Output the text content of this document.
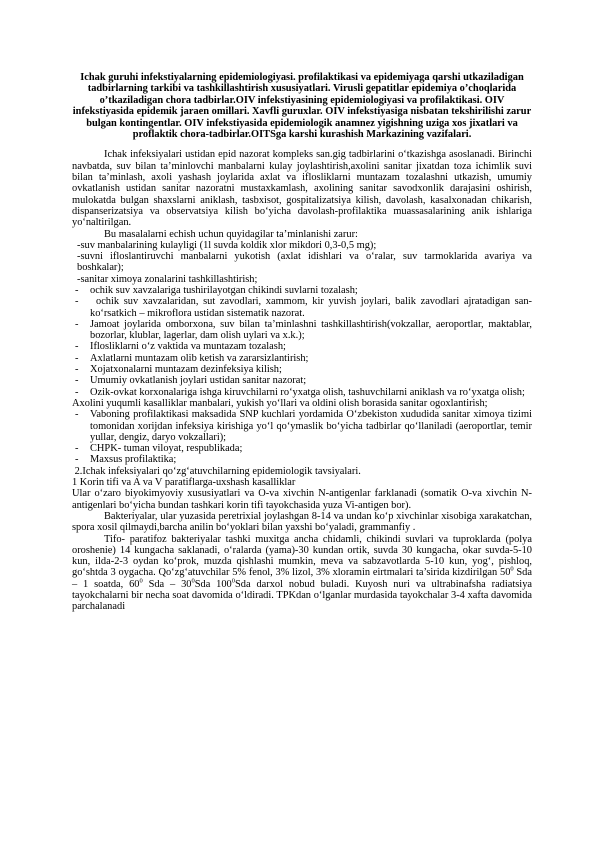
Ichak guruhi infekstiyalarning epidemiologiyasi. profilaktikasi va epidemiyaga qarshi utkaziladigan tadbirlarning tarkibi va tashkillashtirish xususiyatlari. Virusli gepatitlar epidemiya o’choqlarida o’tkaziladigan chora tadbirlar.OIV infekstiyasining epidemiologiyasi va profilaktikasi. OIV infekstiyasida epidemik jaraen omillari. Xavfli guruxlar. OIV infekstiyasiga nisbatan tekshirilishi zarur bulgan kontingentlar. OIV infekstiyasida epidemiologik anamnez yigishning uziga xos jixatlari va proflaktik chora-tadbirlar.OITSga karshi kurashish Markazining vazifalari.
Ichak infeksiyalari ustidan epid nazorat kompleks san.gig tadbirlarini o‘tkazishga asoslanadi. Birinchi navbatda, suv bilan ta’minlovchi manbalarni kulay joylashtirish,axolini sanitar jixatdan toza ichimlik suvi bilan ta’minlash, axoli yashash joylarida axlat va iflosliklarni muntazam tozalashni utkazish, umumiy ovkatlanish ustidan sanitar nazoratni mustaxkamlash, axolining sanitar savodxonlik darajasini oshirish, mulokatda bulgan shaxslarni aniklash, tasbxisot, gospitalizatsiya kilish, davolash, kasalxonadan chikarish, dispanserizatsiya va observatsiya kilish bo‘yicha davolash-profilaktika muassasalarining anik ishlariga yo‘naltirilgan.
Bu masalalarni echish uchun quyidagilar ta’minlanishi zarur:
-suv manbalarining kulayligi (1l suvda koldik xlor mikdori 0,3-0,5 mg);
-suvni ifloslantiruvchi manbalarni yukotish (axlat idishlari va o‘ralar, suv tarmoklarida avariya va boshkalar);
-sanitar ximoya zonalarini tashkillashtirish;
-	ochik suv xavzalariga tushirilayotgan chikindi suvlarni tozalash;
-	ochik suv xavzalaridan, sut zavodlari, xammom, kir yuvish joylari, balik zavodlari ajratadigan san-ko‘rsatkich – mikroflora ustidan sistematik nazorat.
-	Jamoat joylarida omborxona, suv bilan ta’minlashni tashkillashtirish(vokzallar, aeroportlar, maktablar, bozorlar, klublar, lagerlar, dam olish uylari va x.k.);
-	Iflosliklarni o‘z vaktida va muntazam tozalash;
-	Axlatlarni muntazam olib ketish va zararsizlantirish;
-	Xojatxonalarni muntazam dezinfeksiya kilish;
-	Umumiy ovkatlanish joylari ustidan sanitar nazorat;
-	Ozik-ovkat korxonalariga ishga kiruvchilarni ro‘yxatga olish, tashuvchilarni aniklash va ro‘yxatga olish;
Axolini yuqumli kasalliklar manbalari, yukish yo‘llari va oldini olish borasida sanitar ogoxlantirish;
-	Vaboning profilaktikasi maksadida SNP kuchlari yordamida O‘zbekiston xududida sanitar ximoya tizimi tomonidan xorijdan infeksiya kirishiga yo‘l qo‘ymaslik bo‘yicha tadbirlar qo‘llaniladi (aeroportlar, temir yullar, dengiz, daryo vokzallari);
-	CHPK- tuman viloyat, respublikada;
-	Maxsus profilaktika;
2.Ichak infeksiyalari qo‘zg‘atuvchilarning epidemiologik tavsiyalari.
1 Korin tifi va A va V paratiflarga-uxshash kasalliklar
Ular o‘zaro biyokimyoviy xususiyatlari va O-va xivchin N-antigenlar farklanadi (somatik O-va xivchin N-antigenlari bo‘yicha bundan tashkari korin tifi tayokchasida yuza Vi-antigen bor).
Bakteriyalar, ular yuzasida peretrixial joylashgan 8-14 va undan ko‘p xivchinlar xisobiga xarakatchan, spora xosil qilmaydi,barcha anilin bo‘yoklari bilan yaxshi bo‘yaladi, grammanfiy .
Tifo- paratifoz bakteriyalar tashki muxitga ancha chidamli, chikindi suvlari va tuproklarda (polya oroshenie) 14 kungacha saklanadi, o‘ralarda (yama)-30 kundan ortik, suvda 30 kungacha, okar suvda-5-10 kun, ilda-2-3 oydan ko‘prok, muzda qishlashi mumkin, meva va sabzavotlarda 5-10 kun, yog‘, pishloq, go‘shtda 3 oygacha. Qo‘zg‘atuvchilar 5% fenol, 3% lizol, 3% xloramin eirtmalari ta’sirida kizdirilgan $50^0$ Sda – 1 soatda, $60^0$ Sda – $30^0Sda$ $100^0Sda$ darxol nobud buladi. Kuyosh nuri va ultrabinafsha radiatsiya tayokchalarni bir necha soat davomida o‘ldiradi. TPKdan o‘lganlar murdasida tayokchalar 3-4 xafta davomida parchalanadi
